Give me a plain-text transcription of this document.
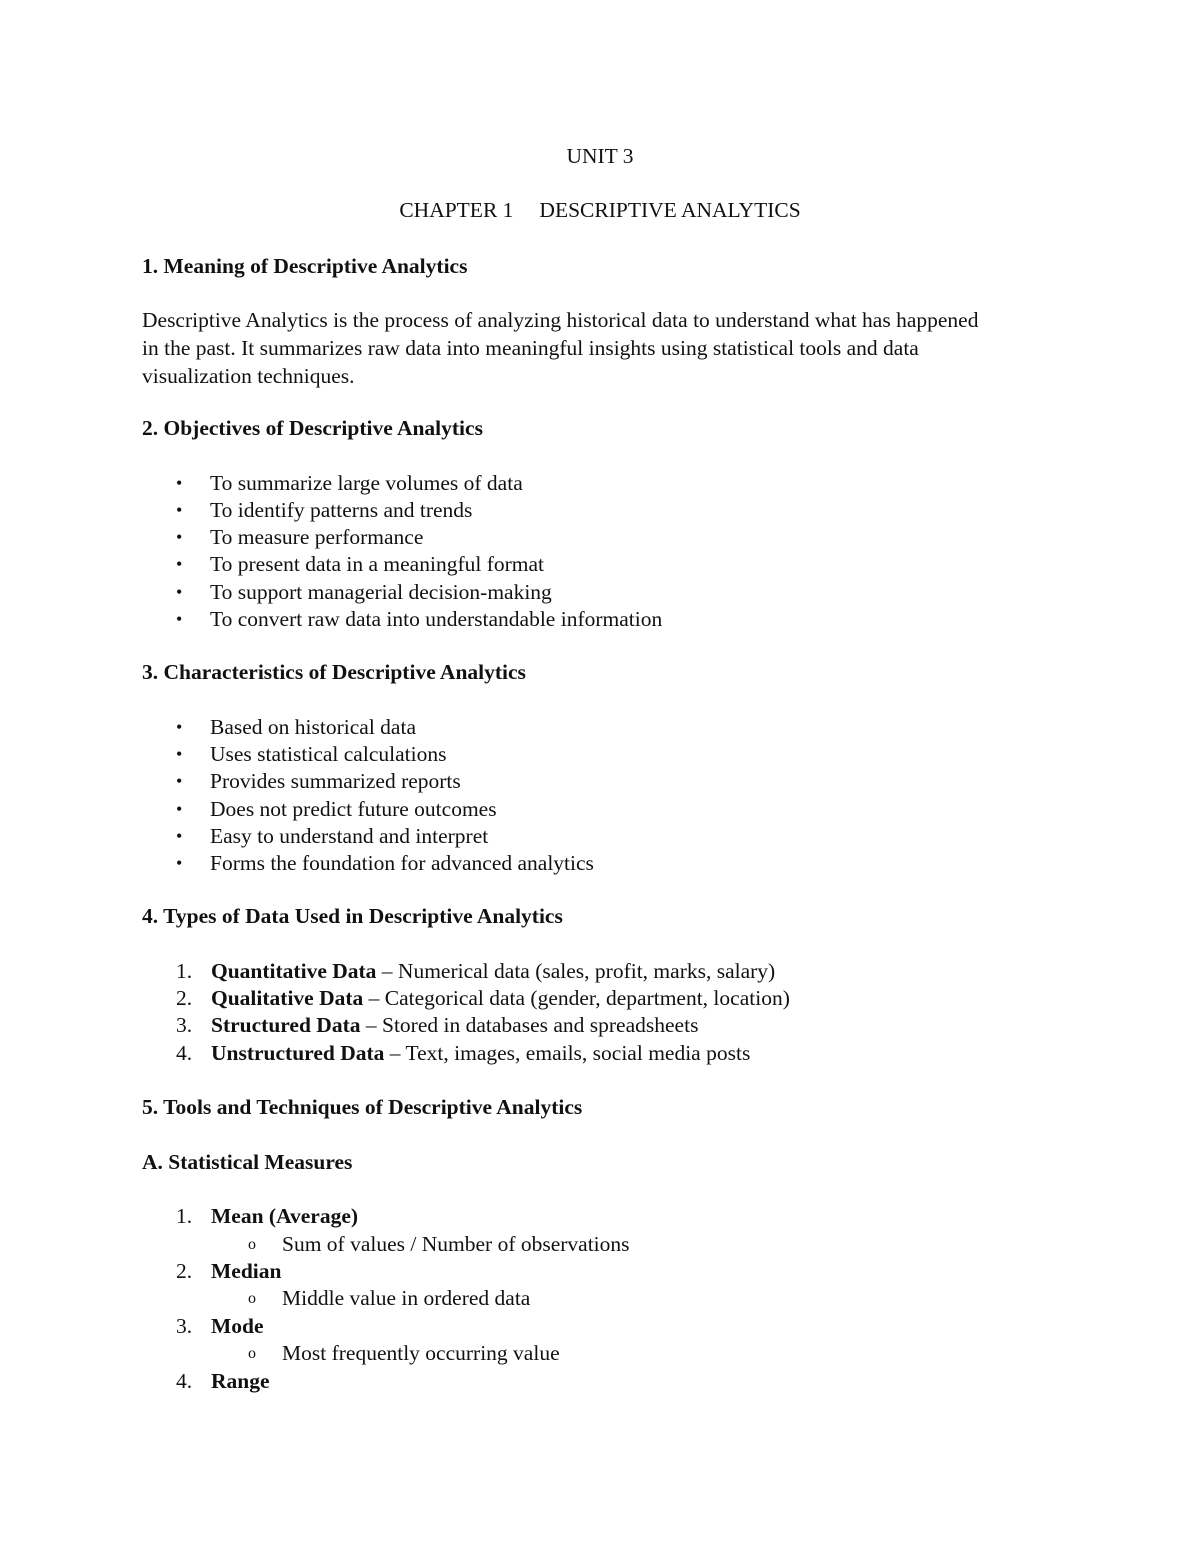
UNIT 3
CHAPTER 1 DESCRIPTIVE ANALYTICS
1. Meaning of Descriptive Analytics
Descriptive Analytics is the process of analyzing historical data to understand what has happened
in the past. It summarizes raw data into meaningful insights using statistical tools and data
visualization techniques.
2. Objectives of Descriptive Analytics
• To summarize large volumes of data
• To identify patterns and trends
• To measure performance
• To present data in a meaningful format
• To support managerial decision-making
• To convert raw data into understandable information
3. Characteristics of Descriptive Analytics
• Based on historical data
• Uses statistical calculations
• Provides summarized reports
• Does not predict future outcomes
• Easy to understand and interpret
• Forms the foundation for advanced analytics
4. Types of Data Used in Descriptive Analytics
1. Quantitative Data – Numerical data (sales, profit, marks, salary)
2. Qualitative Data – Categorical data (gender, department, location)
3. Structured Data – Stored in databases and spreadsheets
4. Unstructured Data – Text, images, emails, social media posts
5. Tools and Techniques of Descriptive Analytics
A. Statistical Measures
1. Mean (Average)
o Sum of values / Number of observations
2. Median
o Middle value in ordered data
3. Mode
o Most frequently occurring value
4. Range
